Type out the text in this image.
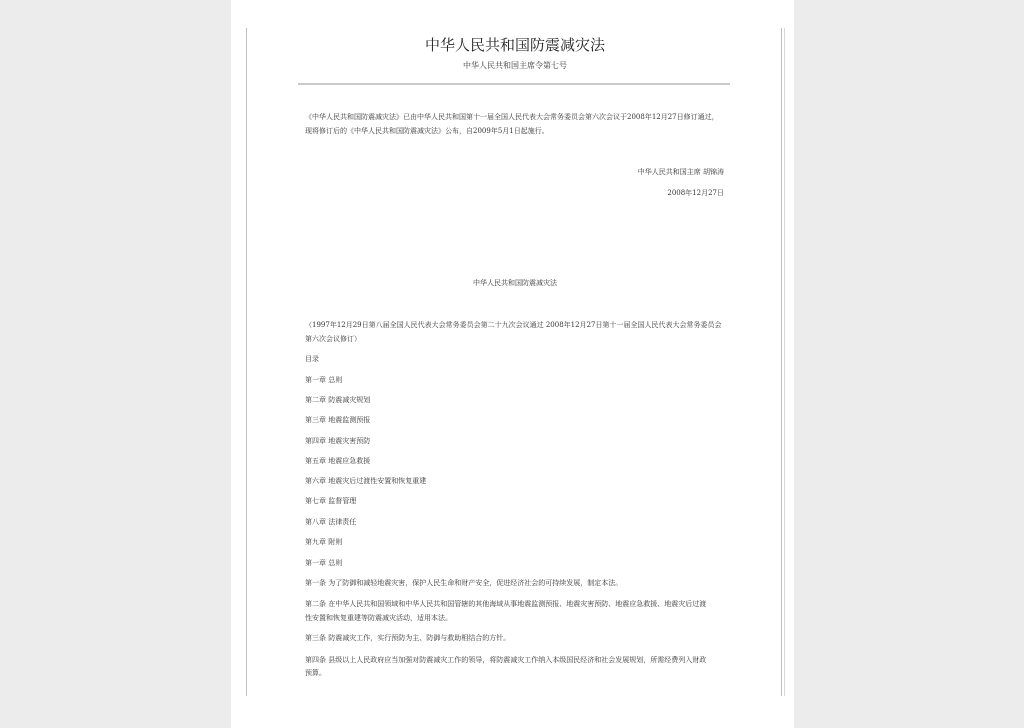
中华人民共和国防震减灾法
中华人民共和国主席令第七号
《中华人民共和国防震减灾法》已由中华人民共和国第十一届全国人民代表大会常务委员会第六次会议于2008年12月27日修订通过，
现将修订后的《中华人民共和国防震减灾法》公布，自2009年5月1日起施行。
中华人民共和国主席 胡锦涛
2008年12月27日
中华人民共和国防震减灾法
（1997年12月29日第八届全国人民代表大会常务委员会第二十九次会议通过 2008年12月27日第十一届全国人民代表大会常务委员会
第六次会议修订）
目录
第一章 总则
第二章 防震减灾规划
第三章 地震监测预报
第四章 地震灾害预防
第五章 地震应急救援
第六章 地震灾后过渡性安置和恢复重建
第七章 监督管理
第八章 法律责任
第九章 附则
第一章 总则
第一条 为了防御和减轻地震灾害，保护人民生命和财产安全，促进经济社会的可持续发展，制定本法。
第二条 在中华人民共和国领域和中华人民共和国管辖的其他海域从事地震监测预报、地震灾害预防、地震应急救援、地震灾后过渡
性安置和恢复重建等防震减灾活动，适用本法。
第三条 防震减灾工作，实行预防为主、防御与救助相结合的方针。
第四条 县级以上人民政府应当加强对防震减灾工作的领导，将防震减灾工作纳入本级国民经济和社会发展规划，所需经费列入财政
预算。
